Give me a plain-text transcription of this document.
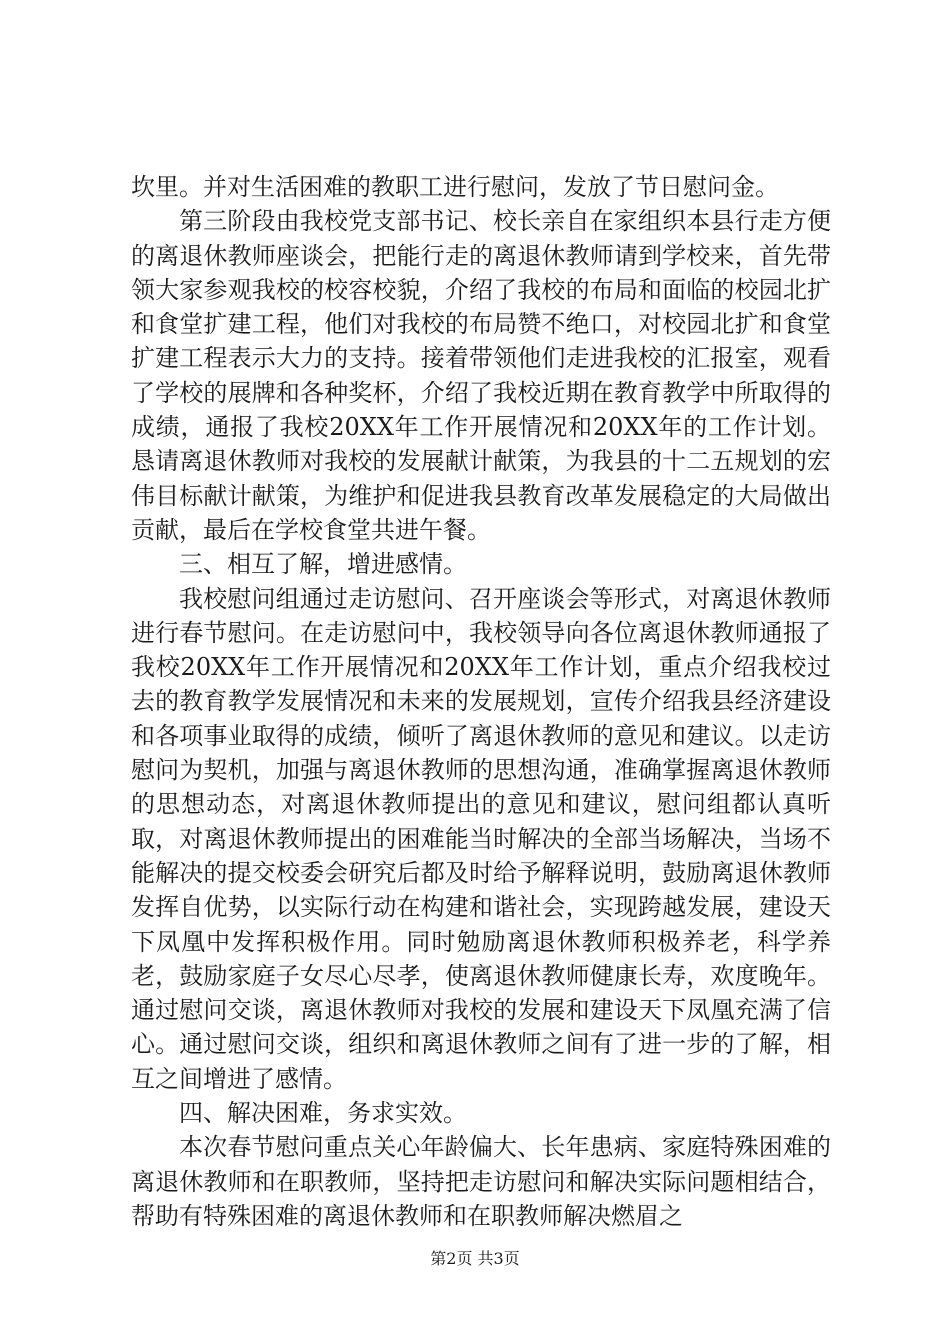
坎里。并对生活困难的教职工进行慰问，发放了节日慰问金。

第三阶段由我校党支部书记、校长亲自在家组织本县行走方便的离退休教师座谈会，把能行走的离退休教师请到学校来，首先带领大家参观我校的校容校貌，介绍了我校的布局和面临的校园北扩和食堂扩建工程，他们对我校的布局赞不绝口，对校园北扩和食堂扩建工程表示大力的支持。接着带领他们走进我校的汇报室，观看了学校的展牌和各种奖杯，介绍了我校近期在教育教学中所取得的成绩，通报了我校20XX年工作开展情况和20XX年的工作计划。恳请离退休教师对我校的发展献计献策，为我县的十二五规划的宏伟目标献计献策，为维护和促进我县教育改革发展稳定的大局做出贡献，最后在学校食堂共进午餐。

三、相互了解，增进感情。

我校慰问组通过走访慰问、召开座谈会等形式，对离退休教师进行春节慰问。在走访慰问中，我校领导向各位离退休教师通报了我校20XX年工作开展情况和20XX年工作计划，重点介绍我校过去的教育教学发展情况和未来的发展规划，宣传介绍我县经济建设和各项事业取得的成绩，倾听了离退休教师的意见和建议。以走访慰问为契机，加强与离退休教师的思想沟通，准确掌握离退休教师的思想动态，对离退休教师提出的意见和建议，慰问组都认真听取，对离退休教师提出的困难能当时解决的全部当场解决，当场不能解决的提交校委会研究后都及时给予解释说明，鼓励离退休教师发挥自优势，以实际行动在构建和谐社会，实现跨越发展，建设天下凤凰中发挥积极作用。同时勉励离退休教师积极养老，科学养老，鼓励家庭子女尽心尽孝，使离退休教师健康长寿，欢度晚年。通过慰问交谈，离退休教师对我校的发展和建设天下凤凰充满了信心。通过慰问交谈，组织和离退休教师之间有了进一步的了解，相互之间增进了感情。

四、解决困难，务求实效。

本次春节慰问重点关心年龄偏大、长年患病、家庭特殊困难的离退休教师和在职教师，坚持把走访慰问和解决实际问题相结合，帮助有特殊困难的离退休教师和在职教师解决燃眉之

第2页 共3页
